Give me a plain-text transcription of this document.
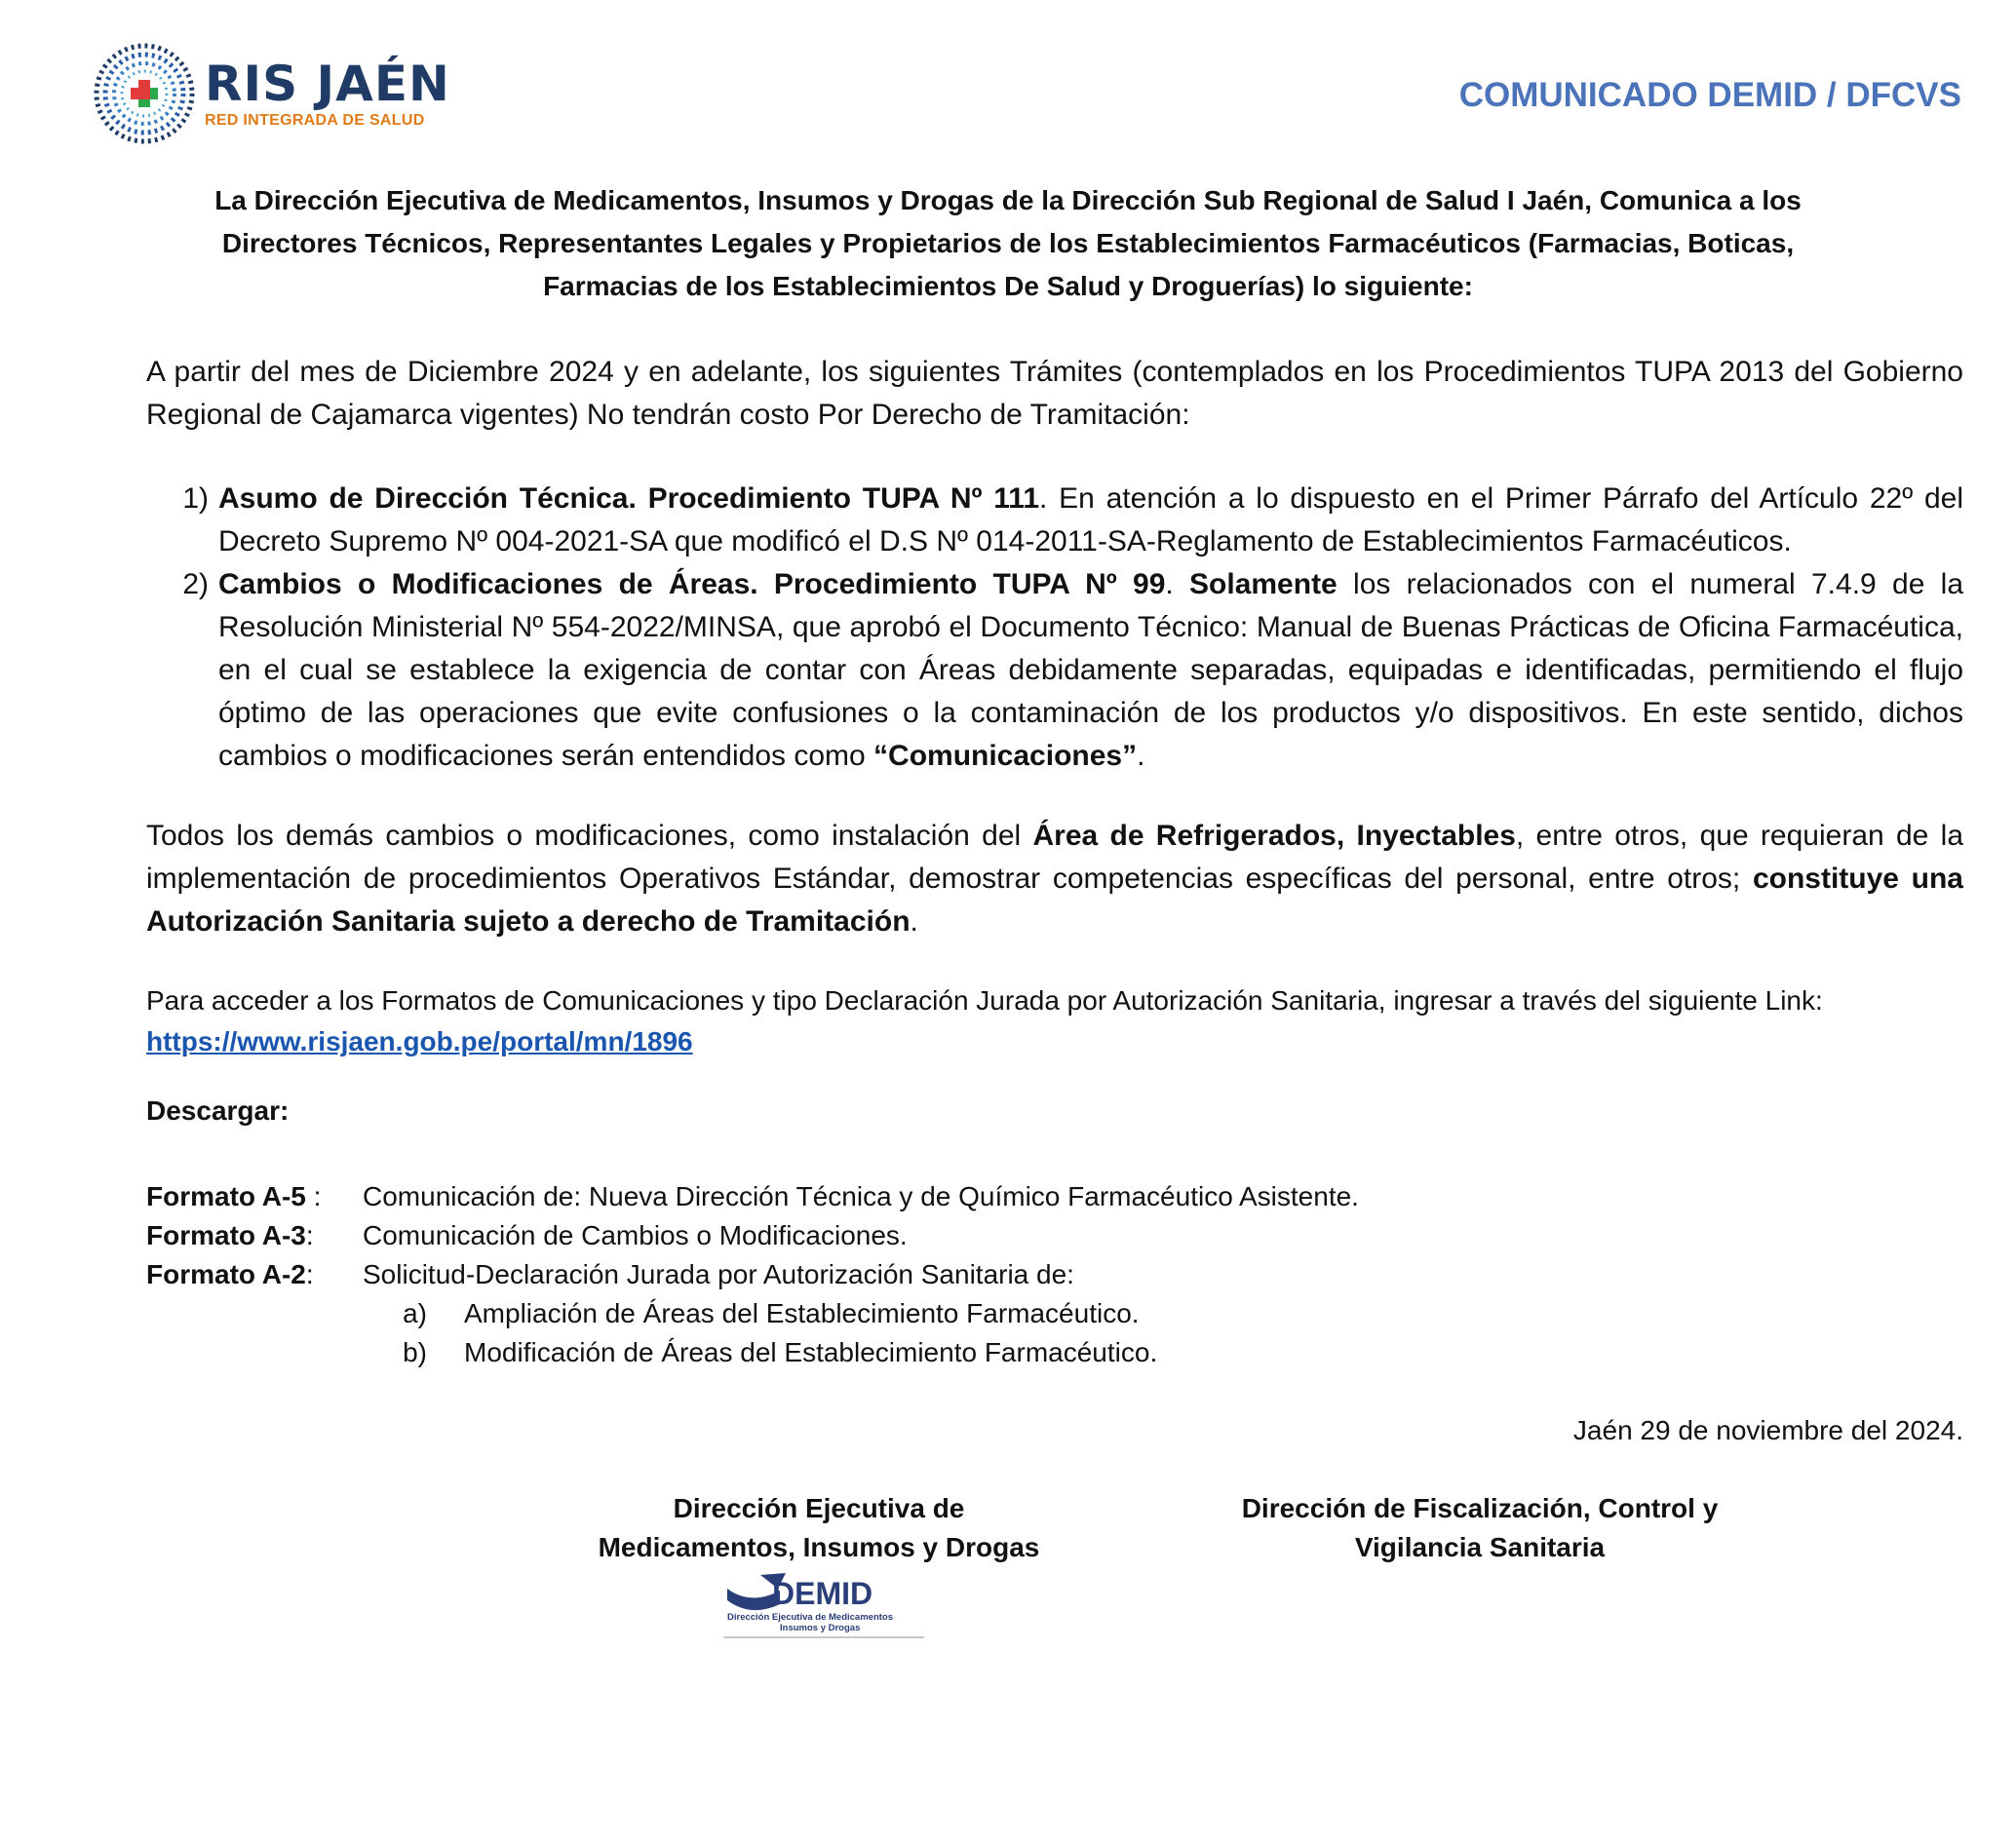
RIS JAÉN
RED INTEGRADA DE SALUD
COMUNICADO DEMID / DFCVS
La Dirección Ejecutiva de Medicamentos, Insumos y Drogas de la Dirección Sub Regional de Salud I Jaén, Comunica a los
Directores Técnicos, Representantes Legales y Propietarios de los Establecimientos Farmacéuticos (Farmacias, Boticas,
Farmacias de los Establecimientos De Salud y Droguerías) lo siguiente:
A partir del mes de Diciembre 2024 y en adelante, los siguientes Trámites (contemplados en los Procedimientos TUPA 2013 del Gobierno Regional de Cajamarca vigentes) No tendrán costo Por Derecho de Tramitación:
1) Asumo de Dirección Técnica. Procedimiento TUPA Nº 111. En atención a lo dispuesto en el Primer Párrafo del Artículo 22º del Decreto Supremo Nº 004-2021-SA que modificó el D.S Nº 014-2011-SA-Reglamento de Establecimientos Farmacéuticos.
2) Cambios o Modificaciones de Áreas. Procedimiento TUPA Nº 99. Solamente los relacionados con el numeral 7.4.9 de la Resolución Ministerial Nº 554-2022/MINSA, que aprobó el Documento Técnico: Manual de Buenas Prácticas de Oficina Farmacéutica, en el cual se establece la exigencia de contar con Áreas debidamente separadas, equipadas e identificadas, permitiendo el flujo óptimo de las operaciones que evite confusiones o la contaminación de los productos y/o dispositivos. En este sentido, dichos cambios o modificaciones serán entendidos como “Comunicaciones”.
Todos los demás cambios o modificaciones, como instalación del Área de Refrigerados, Inyectables, entre otros, que requieran de la implementación de procedimientos Operativos Estándar, demostrar competencias específicas del personal, entre otros; constituye una Autorización Sanitaria sujeto a derecho de Tramitación.
Para acceder a los Formatos de Comunicaciones y tipo Declaración Jurada por Autorización Sanitaria, ingresar a través del siguiente Link:
https://www.risjaen.gob.pe/portal/mn/1896
Descargar:
Formato A-5 :	Comunicación de: Nueva Dirección Técnica y de Químico Farmacéutico Asistente.
Formato A-3:	Comunicación de Cambios o Modificaciones.
Formato A-2:	Solicitud-Declaración Jurada por Autorización Sanitaria de:
a)	Ampliación de Áreas del Establecimiento Farmacéutico.
b)	Modificación de Áreas del Establecimiento Farmacéutico.
Jaén 29 de noviembre del 2024.
Dirección Ejecutiva de
Medicamentos, Insumos y Drogas
Dirección de Fiscalización, Control y
Vigilancia Sanitaria
DEMID
Dirección Ejecutiva de Medicamentos
Insumos y Drogas
